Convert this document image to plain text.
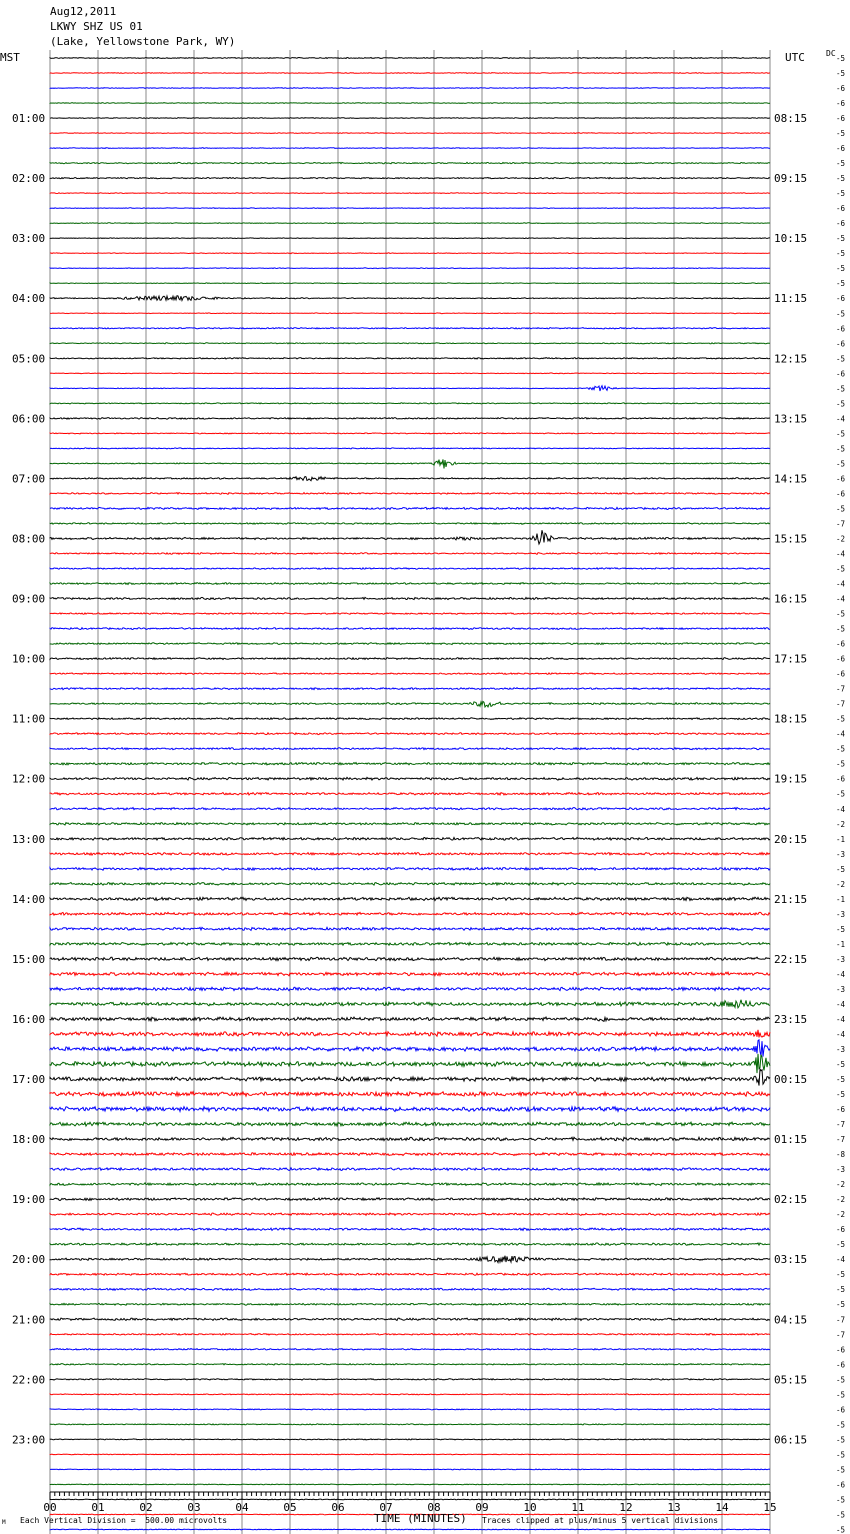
Aug12,2011
LKWY SHZ US 01
(Lake, Yellowstone Park, WY)
MST	UTC	DC
-5
-5
-6
-6
-6
-5
-6
-5
-5
-5
-6
-6
-5
-5
-5
-5
-6
-5
-6
-6
-5
-6
-5
-5
-4
-5
-5
-5
-6
-6
-5
-7
-2
-4
-5
-4
-4
-5
-5
-6
-6
-6
-7
-7
-5
-4
-5
-5
-6
-5
-4
-2
-1
-3
-5
-2
-1
-3
-5
-1
-3
-4
-3
-4
-4
-4
-3
-5
-5
-5
-6
-7
-7
-8
-3
-2
-2
-2
-6
-5
-4
-5
-5
-5
-7
-7
-6
-6
-5
-5
-6
-5
-5
-5
-5
-6
-5
-5
-5
01:00
02:00
03:00
04:00
05:00
06:00
07:00
08:00
09:00
10:00
11:00
12:00
13:00
14:00
15:00
16:00
17:00
18:00
19:00
20:00
21:00
22:00
23:00
08:15
09:15
10:15
11:15
12:15
13:15
14:15
15:15
16:15
17:15
18:15
19:15
20:15
21:15
22:15
23:15
00:15
01:15
02:15
03:15
04:15
05:15
06:15
00	01	02	03	04	05	06	07	08	09	10	11	12	13	14	15
M Each Vertical Division =  500.00 microvolts	TIME (MINUTES) Traces clipped at plus/minus 5 vertical divisions
